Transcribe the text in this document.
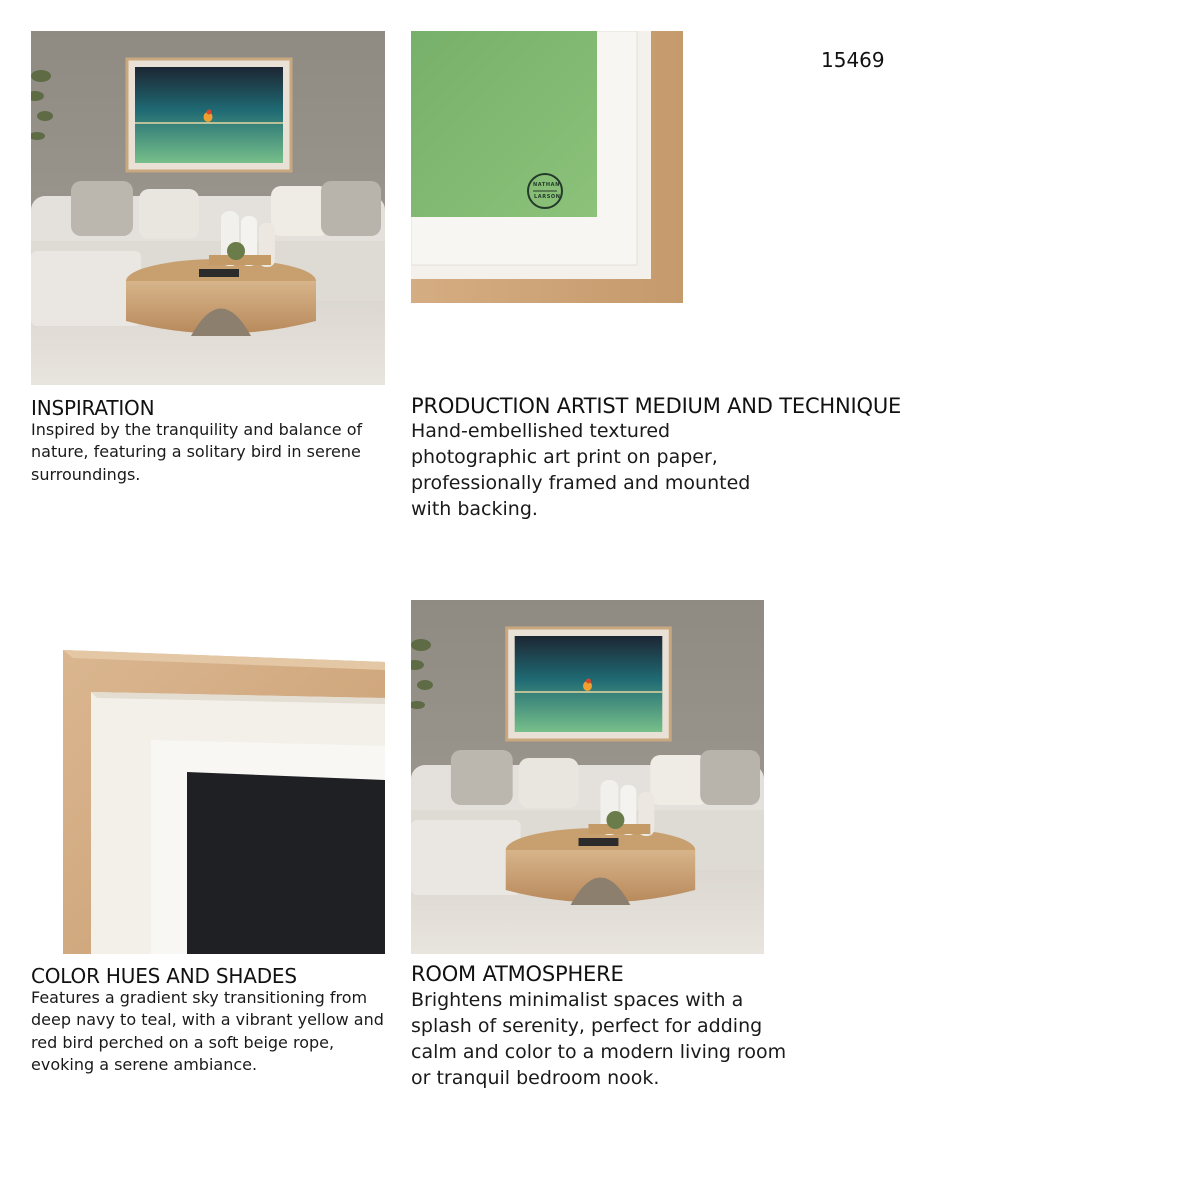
15469
NATHAN
LARSON
INSPIRATION
Inspired by the tranquility and balance of
nature, featuring a solitary bird in serene
surroundings.
PRODUCTION ARTIST MEDIUM AND TECHNIQUE
Hand-embellished textured
photographic art print on paper,
professionally framed and mounted
with backing.
COLOR HUES AND SHADES
Features a gradient sky transitioning from
deep navy to teal, with a vibrant yellow and
red bird perched on a soft beige rope,
evoking a serene ambiance.
ROOM ATMOSPHERE
Brightens minimalist spaces with a
splash of serenity, perfect for adding
calm and color to a modern living room
or tranquil bedroom nook.
